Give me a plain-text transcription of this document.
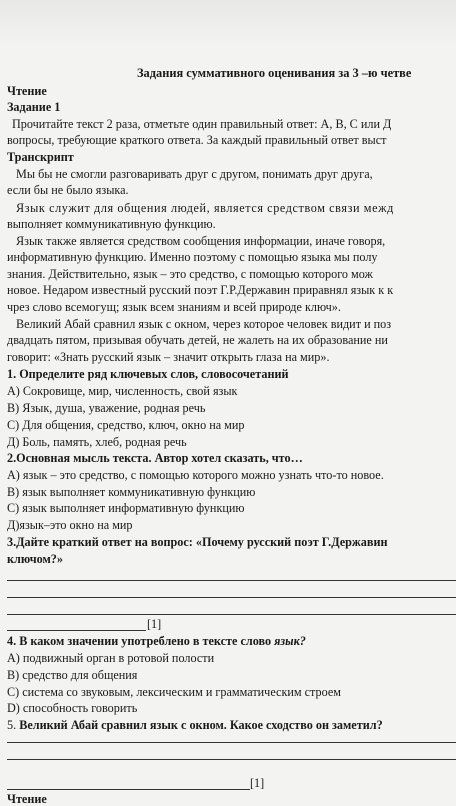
Задания суммативного оценивания за 3 –ю четве
Чтение
Задание 1
Прочитайте текст 2 раза, отметьте один правильный ответ: А, В, С или Д
вопросы, требующие краткого ответа. За каждый правильный ответ выст
Транскрипт
Мы бы не смогли разговаривать друг с другом, понимать друг друга,
если бы не было языка.
Язык служит для общения людей, является средством связи межд
выполняет коммуникативную функцию.
Язык также является средством сообщения информации, иначе говоря,
информативную функцию. Именно поэтому с помощью языка мы полу
знания. Действительно, язык – это средство, с помощью которого мож
новое. Недаром известный русский поэт Г.Р.Державин приравнял язык к к
чрез слово всемогущ; язык всем знаниям и всей природе ключ».
Великий Абай сравнил язык с окном, через которое человек видит и поз
двадцать пятом, призывая обучать детей, не жалеть на их образование ни
говорит: «Знать русский язык – значит открыть глаза на мир».
1. Определите ряд ключевых слов, словосочетаний
А) Сокровище, мир, численность, свой язык
В) Язык, душа, уважение, родная речь
С) Для общения, средство, ключ, окно на мир
Д) Боль, память, хлеб, родная речь
2.Основная мысль текста. Автор хотел сказать, что…
А) язык – это средство, с помощью которого можно узнать что-то новое.
В) язык выполняет коммуникативную функцию
С) язык выполняет информативную функцию
Д)язык–это окно на мир
3.Дайте краткий ответ на вопрос: «Почему русский поэт Г.Державин
ключом?»
[1]
4. В каком значении употреблено в тексте слово язык?
А) подвижный орган в ротовой полости
В) средство для общения
С) система со звуковым, лексическим и грамматическим строем
D) способность говорить
5. Великий Абай сравнил язык с окном. Какое сходство он заметил?
[1]
Чтение
